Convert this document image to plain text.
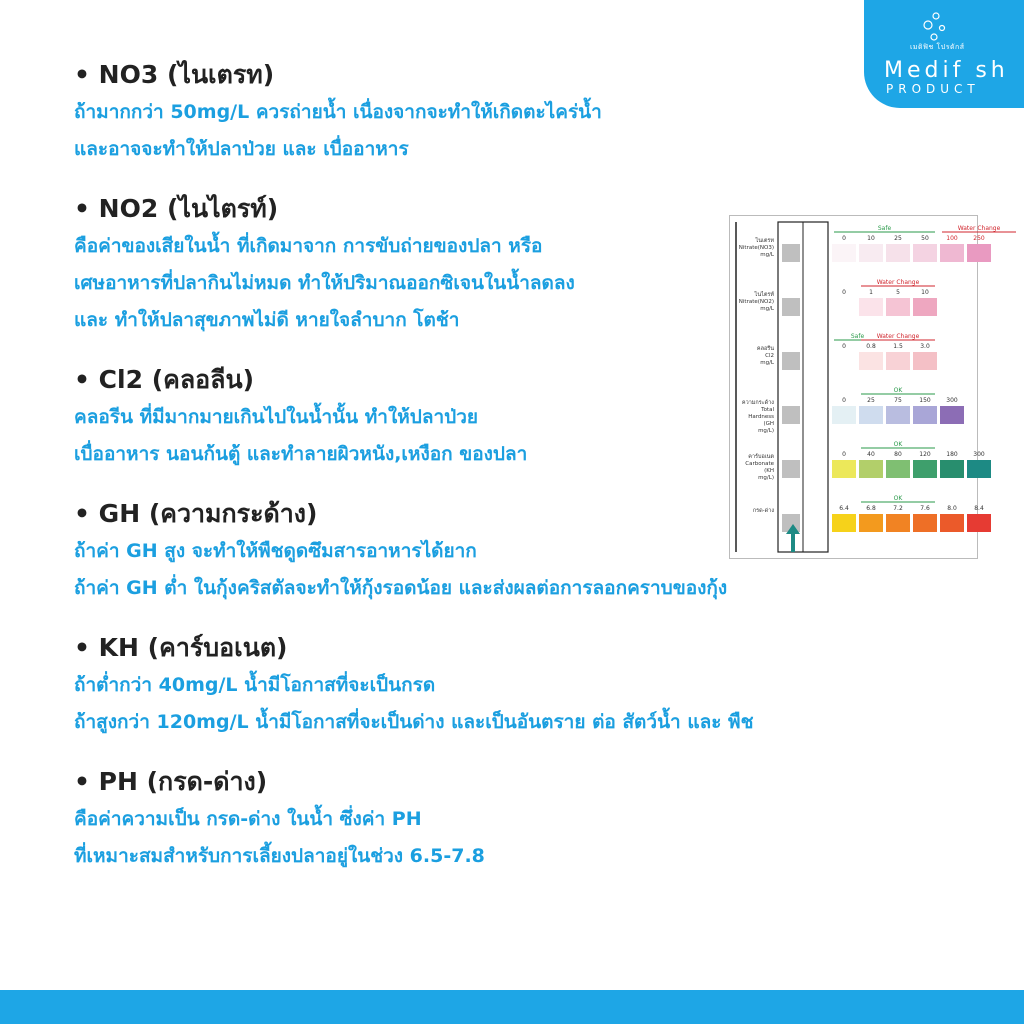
เมดิฟิช โปรดักส์
Medif sh
PRODUCT
• NO3 (ไนเตรท)

ถ้ามากกว่า 50mg/L ควรถ่ายน้ำ เนื่องจากจะทำให้เกิดตะไคร่น้ำ

และอาจจะทำให้ปลาป่วย และ เบื่ออาหาร

• NO2 (ไนไตรท์)

คือค่าของเสียในน้ำ ที่เกิดมาจาก การขับถ่ายของปลา หรือ

เศษอาหารที่ปลากินไม่หมด ทำให้ปริมาณออกซิเจนในน้ำลดลง

และ ทำให้ปลาสุขภาพไม่ดี หายใจลำบาก โตช้า

• Cl2 (คลอลีน)

คลอรีน ที่มีมากมายเกินไปในน้ำนั้น ทำให้ปลาป่วย

เบื่ออาหาร นอนก้นตู้ และทำลายผิวหนัง,เหงือก ของปลา

• GH (ความกระด้าง)

ถ้าค่า GH สูง จะทำให้พืชดูดซึมสารอาหารได้ยาก

ถ้าค่า GH ต่ำ ในกุ้งคริสตัลจะทำให้กุ้งรอดน้อย และส่งผลต่อการลอกคราบของกุ้ง

• KH (คาร์บอเนต)

ถ้าต่ำกว่า 40mg/L น้ำมีโอกาสที่จะเป็นกรด

ถ้าสูงกว่า 120mg/L น้ำมีโอกาสที่จะเป็นด่าง และเป็นอันตราย ต่อ สัตว์น้ำ และ พืช

• PH (กรด-ด่าง)

คือค่าความเป็น กรด-ด่าง ในน้ำ ซึ่งค่า PH

ที่เหมาะสมสำหรับการเลี้ยงปลาอยู่ในช่วง 6.5-7.8

Safe	Water Change
0	10	25	50	100	250
ไนเตรท
Nitrate(NO3)
mg/L
Water Change
0	1	5	10
ไนไตรท์
Nitrate(NO2)
mg/L
Safe Water Change
0	0.8	1.5	3.0
คลอรีน
Cl2
mg/L
OK
0	25	75	150	300
ความกระด้าง
Total
Hardness
(GH
mg/L)
OK
0	40	80	120	180	300
คาร์บอเนต
Carbonate
(KH
mg/L)
OK
6.4	6.8	7.2	7.6	8.0	8.4
กรด-ด่าง
